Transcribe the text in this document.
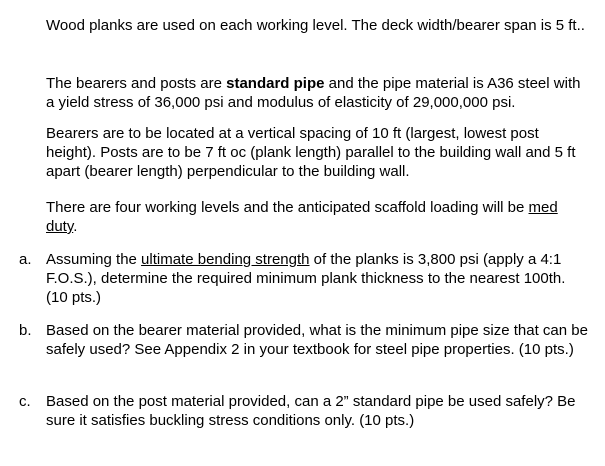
Wood planks are used on each working level. The deck width/bearer span is 5 ft..

The bearers and posts are standard pipe and the pipe material is A36 steel with a yield stress of 36,000 psi and modulus of elasticity of 29,000,000 psi.

Bearers are to be located at a vertical spacing of 10 ft (largest, lowest post height). Posts are to be 7 ft oc (plank length) parallel to the building wall and 5 ft apart (bearer length) perpendicular to the building wall.

There are four working levels and the anticipated scaffold loading will be med duty.

a. Assuming the ultimate bending strength of the planks is 3,800 psi (apply a 4:1 F.O.S.), determine the required minimum plank thickness to the nearest 100th. (10 pts.)
b. Based on the bearer material provided, what is the minimum pipe size that can be safely used? See Appendix 2 in your textbook for steel pipe properties. (10 pts.)
c. Based on the post material provided, can a 2” standard pipe be used safely? Be sure it satisfies buckling stress conditions only. (10 pts.)
